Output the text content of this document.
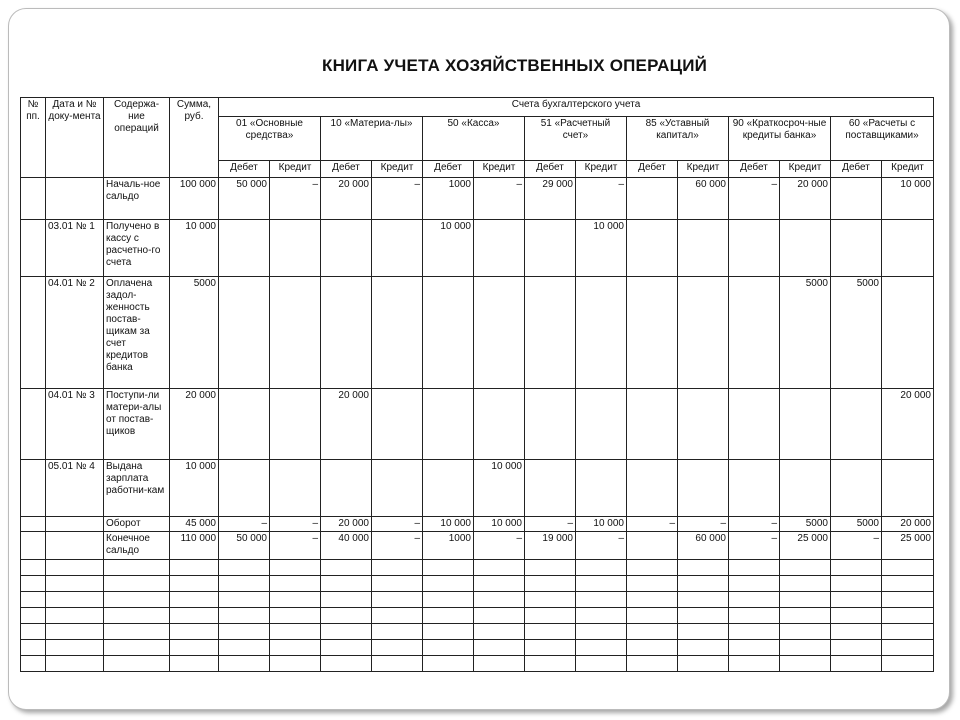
КНИГА УЧЕТА ХОЗЯЙСТВЕННЫХ ОПЕРАЦИЙ
№ пп.	Дата и № доку-мента	Содержа-ние операций	Сумма, руб.	Счета бухгалтерского учета													
				01 «Основные средства»		10 «Материа-лы»		50 «Касса»		51 «Расчетный счет»		85 «Уставный капитал»		90 «Краткосроч-ные кредиты банка»		60 «Расчеты с поставщиками»	
				Дебет	Кредит	Дебет	Кредит	Дебет	Кредит	Дебет	Кредит	Дебет	Кредит	Дебет	Кредит	Дебет	Кредит
		Началь-ное сальдо	100 000	50 000	–	20 000	–	1000	–	29 000	–		60 000	–	20 000		10 000
	03.01 № 1	Получено в кассу с расчетно-го счета	10 000					10 000			10 000						
	04.01 № 2	Оплачена задол-женность постав-щикам за счет кредитов банка	5000												5000	5000	
	04.01 № 3	Поступи-ли матери-алы от постав-щиков	20 000			20 000											20 000
	05.01 № 4	Выдана зарплата работни-кам	10 000						10 000								
		Оборот	45 000	–	–	20 000	–	10 000	10 000	–	10 000	–	–	–	5000	5000	20 000
		Конечное сальдо	110 000	50 000	–	40 000	–	1000	–	19 000	–		60 000	–	25 000	–	25 000
